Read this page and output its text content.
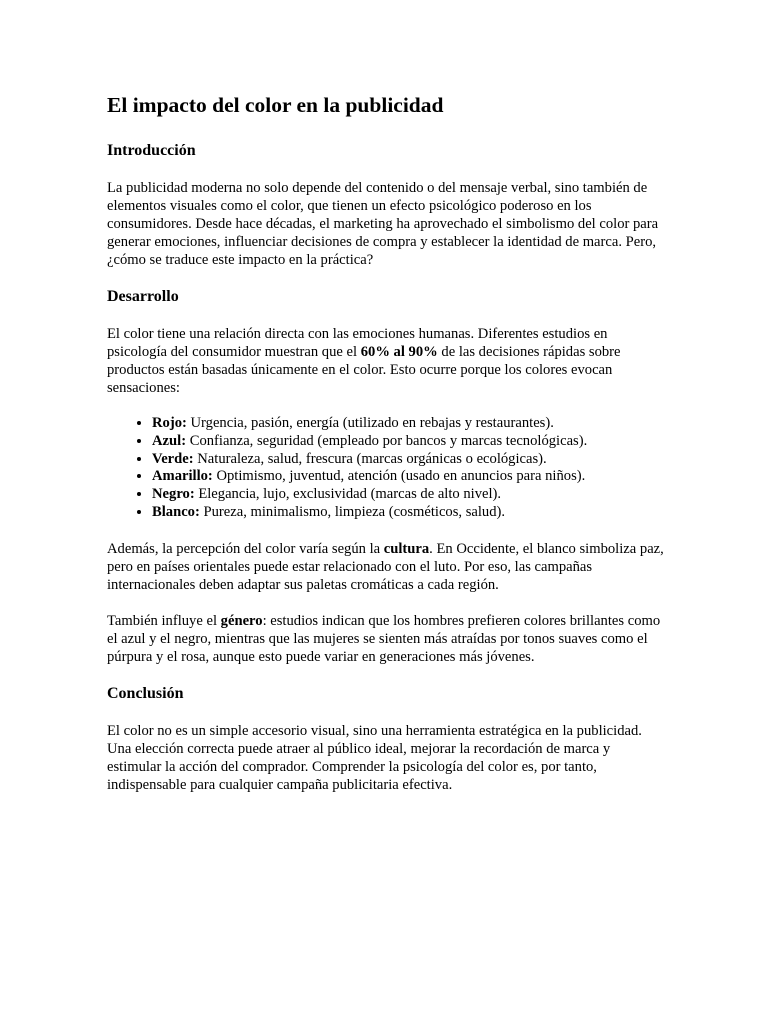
El impacto del color en la publicidad
Introducción

La publicidad moderna no solo depende del contenido o del mensaje verbal, sino también de elementos visuales como el color, que tienen un efecto psicológico poderoso en los consumidores. Desde hace décadas, el marketing ha aprovechado el simbolismo del color para generar emociones, influenciar decisiones de compra y establecer la identidad de marca. Pero, ¿cómo se traduce este impacto en la práctica?

Desarrollo

El color tiene una relación directa con las emociones humanas. Diferentes estudios en psicología del consumidor muestran que el 60% al 90% de las decisiones rápidas sobre productos están basadas únicamente en el color. Esto ocurre porque los colores evocan sensaciones:

• Rojo: Urgencia, pasión, energía (utilizado en rebajas y restaurantes).
• Azul: Confianza, seguridad (empleado por bancos y marcas tecnológicas).
• Verde: Naturaleza, salud, frescura (marcas orgánicas o ecológicas).
• Amarillo: Optimismo, juventud, atención (usado en anuncios para niños).
• Negro: Elegancia, lujo, exclusividad (marcas de alto nivel).
• Blanco: Pureza, minimalismo, limpieza (cosméticos, salud).

Además, la percepción del color varía según la cultura. En Occidente, el blanco simboliza paz, pero en países orientales puede estar relacionado con el luto. Por eso, las campañas internacionales deben adaptar sus paletas cromáticas a cada región.

También influye el género: estudios indican que los hombres prefieren colores brillantes como el azul y el negro, mientras que las mujeres se sienten más atraídas por tonos suaves como el púrpura y el rosa, aunque esto puede variar en generaciones más jóvenes.

Conclusión

El color no es un simple accesorio visual, sino una herramienta estratégica en la publicidad. Una elección correcta puede atraer al público ideal, mejorar la recordación de marca y estimular la acción del comprador. Comprender la psicología del color es, por tanto, indispensable para cualquier campaña publicitaria efectiva.
